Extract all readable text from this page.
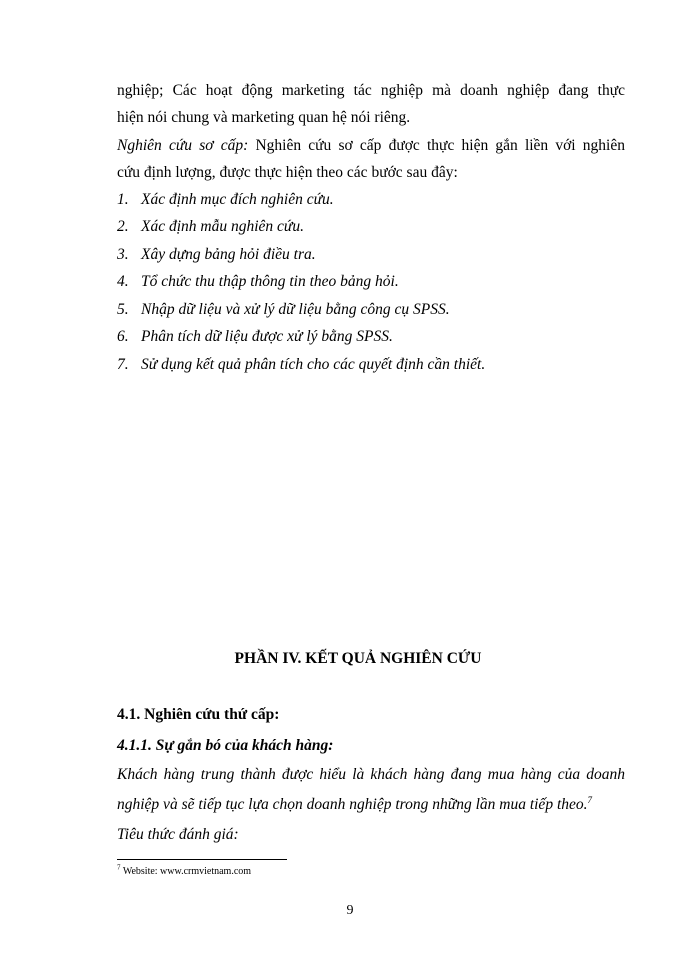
nghiệp; Các hoạt động marketing tác nghiệp mà doanh nghiệp đang thực
hiện nói chung và marketing quan hệ nói riêng.
Nghiên cứu sơ cấp: Nghiên cứu sơ cấp được thực hiện gắn liền với nghiên
cứu định lượng, được thực hiện theo các bước sau đây:
1. Xác định mục đích nghiên cứu.
2. Xác định mẫu nghiên cứu.
3. Xây dựng bảng hỏi điều tra.
4. Tổ chức thu thập thông tin theo bảng hỏi.
5. Nhập dữ liệu và xử lý dữ liệu bằng công cụ SPSS.
6. Phân tích dữ liệu được xử lý bằng SPSS.
7. Sử dụng kết quả phân tích cho các quyết định cần thiết.
4.1. Nghiên cứu thứ cấp:
4.1.1. Sự gắn bó của khách hàng:
Khách hàng trung thành được hiểu là khách hàng đang mua hàng của doanh
nghiệp và sẽ tiếp tục lựa chọn doanh nghiệp trong những lần mua tiếp theo.$^7$
Tiêu thức đánh giá:
PHẦN IV. KẾT QUẢ NGHIÊN CỨU
$^7$ Website: www.crmvietnam.com
9
